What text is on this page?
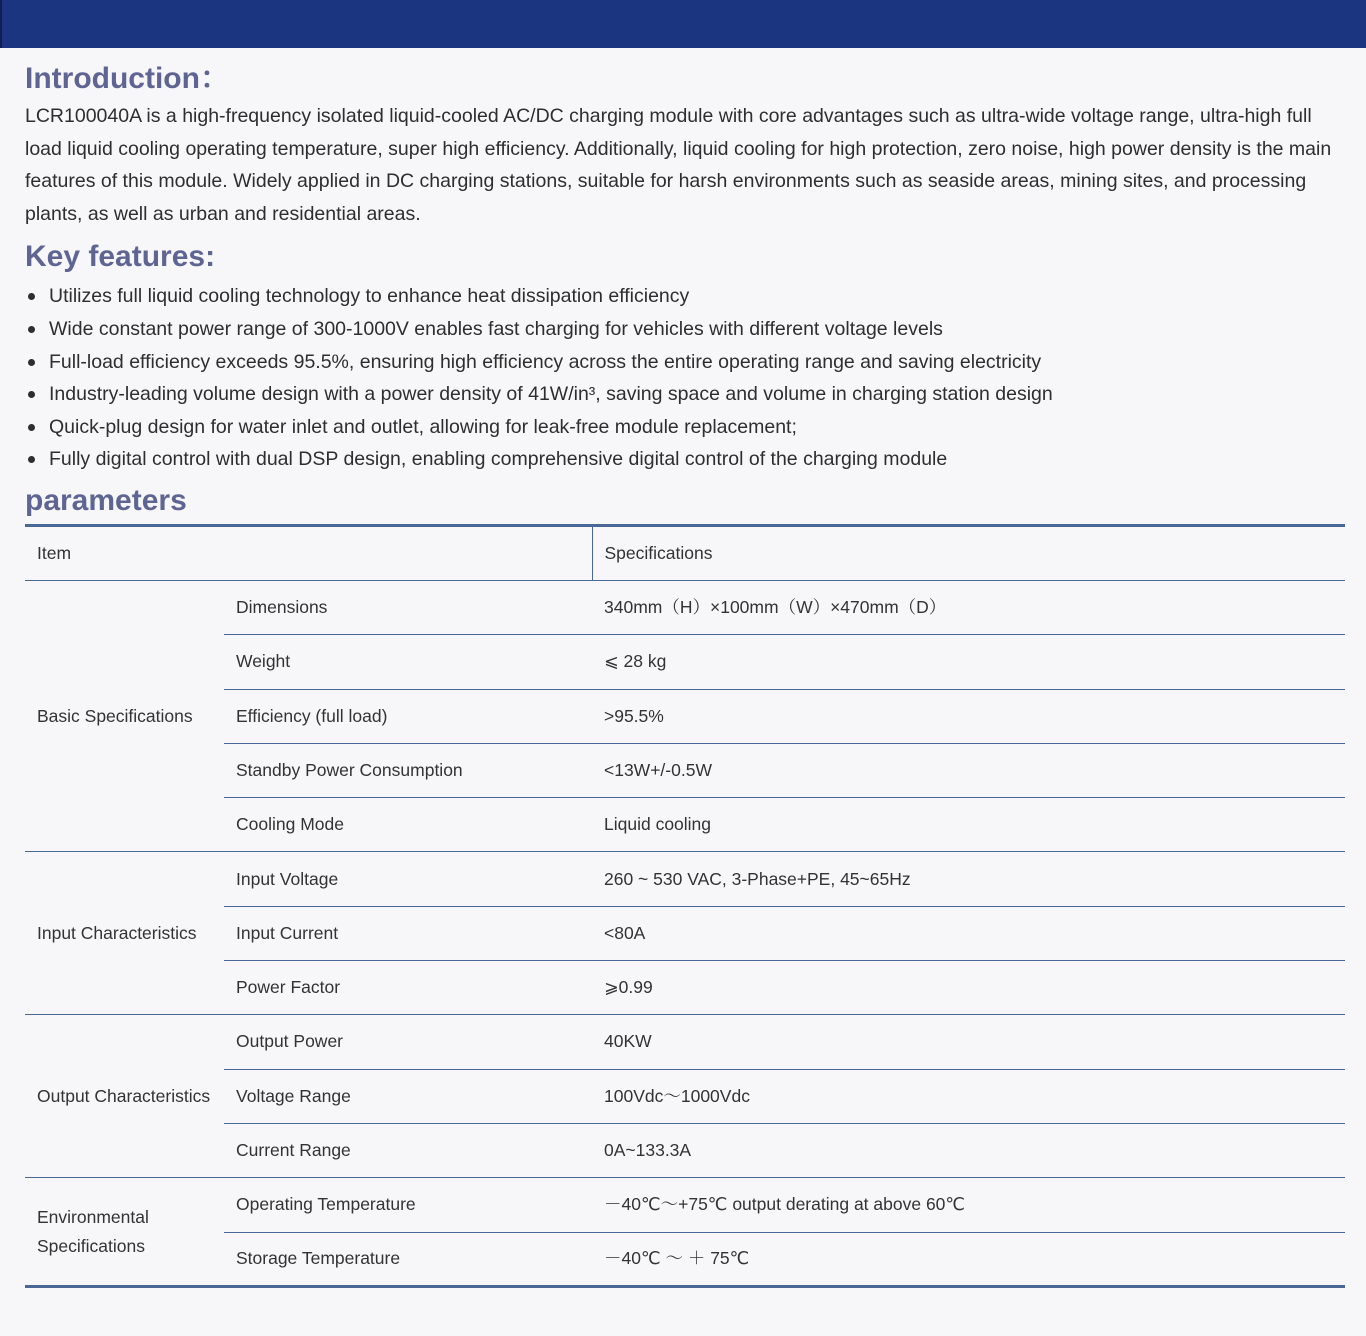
Introduction：

LCR100040A is a high-frequency isolated liquid-cooled AC/DC charging module with core advantages such as ultra-wide voltage range, ultra-high full load liquid cooling operating temperature, super high efficiency. Additionally, liquid cooling for high protection, zero noise, high power density is the main features of this module. Widely applied in DC charging stations, suitable for harsh environments such as seaside areas, mining sites, and processing plants, as well as urban and residential areas.

Key features:
Utilizes full liquid cooling technology to enhance heat dissipation efficiency
Wide constant power range of 300-1000V enables fast charging for vehicles with different voltage levels
Full-load efficiency exceeds 95.5%, ensuring high efficiency across the entire operating range and saving electricity
Industry-leading volume design with a power density of 41W/in³, saving space and volume in charging station design
Quick-plug design for water inlet and outlet, allowing for leak-free module replacement;
Fully digital control with dual DSP design, enabling comprehensive digital control of the charging module
parameters
Item		Specifications
Basic Specifications	Dimensions	340mm（H）×100mm（W）×470mm（D）
	Weight	⩽ 28 kg
	Efficiency (full load)	>95.5%
	Standby Power Consumption	<13W+/-0.5W
	Cooling Mode	Liquid cooling
Input Characteristics	Input Voltage	260 ~ 530 VAC, 3-Phase+PE, 45~65Hz
	Input Current	<80A
	Power Factor	⩾0.99
Output Characteristics	Output Power	40KW
	Voltage Range	100Vdc～1000Vdc
	Current Range	0A~133.3A
Environmental Specifications	Operating Temperature	－40℃～+75℃ output derating at above 60℃
	Storage Temperature	－40℃ ～ ＋ 75℃
